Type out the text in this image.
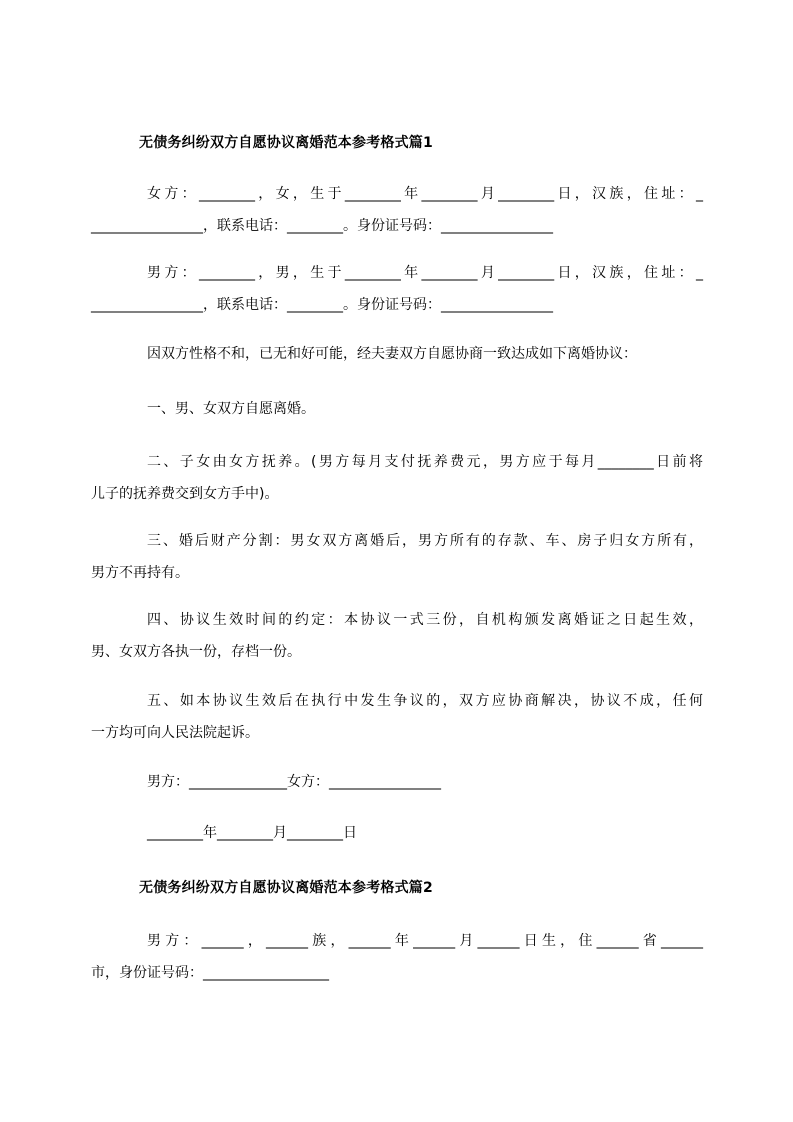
无债务纠纷双方自愿协议离婚范本参考格式篇1
女方：________，女，生于________年________月________日，汉族，住址：_
________________，联系电话：________。身份证号码：________________
男方：________，男，生于________年________月________日，汉族，住址：_
________________，联系电话：________。身份证号码：________________
因双方性格不和，已无和好可能，经夫妻双方自愿协商一致达成如下离婚协议：
一、男、女双方自愿离婚。
二、子女由女方抚养。(男方每月支付抚养费元，男方应于每月________日前将
儿子的抚养费交到女方手中)。
三、婚后财产分割：男女双方离婚后，男方所有的存款、车、房子归女方所有，
男方不再持有。
四、协议生效时间的约定：本协议一式三份，自机构颁发离婚证之日起生效，
男、女双方各执一份，存档一份。
五、如本协议生效后在执行中发生争议的，双方应协商解决，协议不成，任何
一方均可向人民法院起诉。
男方：______________女方：________________
________年________月________日
无债务纠纷双方自愿协议离婚范本参考格式篇2
男方：______，______族，______年______月______日生，住______省______
市，身份证号码：__________________
